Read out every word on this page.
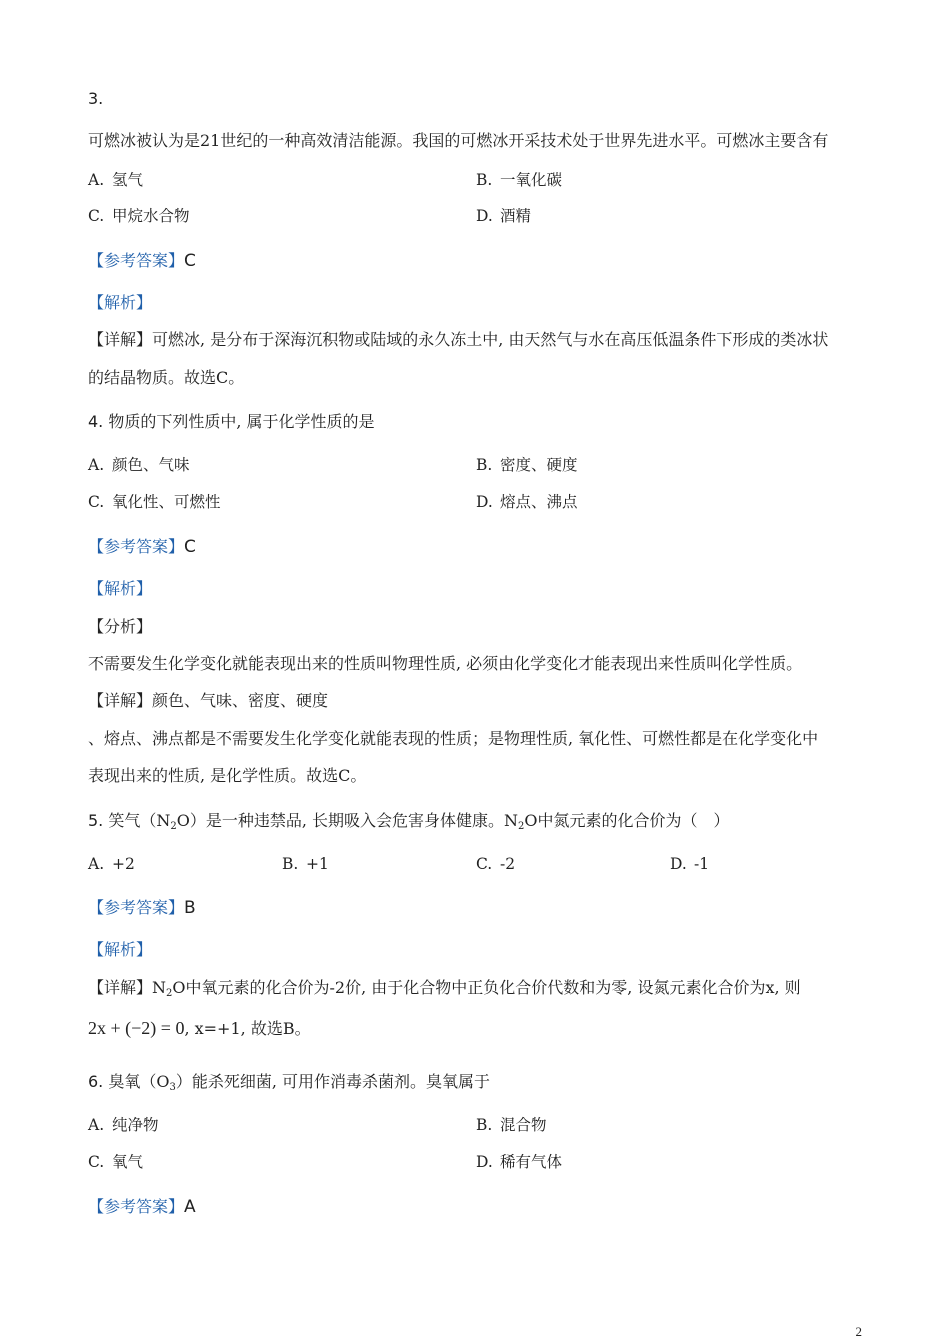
3.
可燃冰被认为是21世纪的一种高效清洁能源。我国的可燃冰开采技术处于世界先进水平。可燃冰主要含有
A. 氢气	B. 一氧化碳
C. 甲烷水合物	D. 酒精
【参考答案】C
【解析】
【详解】可燃冰, 是分布于深海沉积物或陆域的永久冻土中, 由天然气与水在高压低温条件下形成的类冰状
的结晶物质。故选C。
4. 物质的下列性质中, 属于化学性质的是
A. 颜色、气味	B. 密度、硬度
C. 氧化性、可燃性	D. 熔点、沸点
【参考答案】C
【解析】
【分析】
不需要发生化学变化就能表现出来的性质叫物理性质, 必须由化学变化才能表现出来性质叫化学性质。
【详解】颜色、气味、密度、硬度
、熔点、沸点都是不需要发生化学变化就能表现的性质；是物理性质, 氧化性、可燃性都是在化学变化中
表现出来的性质, 是化学性质。故选C。
5. 笑气$(N_2O)$是一种违禁品, 长期吸入会危害身体健康。$N_2O$中氮元素的化合价为（　）
A. +2	B. +1	C. -2	D. -1
【参考答案】B
【解析】
【详解】$N_2O$中氧元素的化合价为-2价, 由于化合物中正负化合价代数和为零, 设氮元素化合价为x, 则
2x + (−2) = 0, x=+1, 故选B。
6. 臭氧$(O_3)$能杀死细菌, 可用作消毒杀菌剂。臭氧属于
A. 纯净物	B. 混合物
C. 氧气	D. 稀有气体
【参考答案】A
2
